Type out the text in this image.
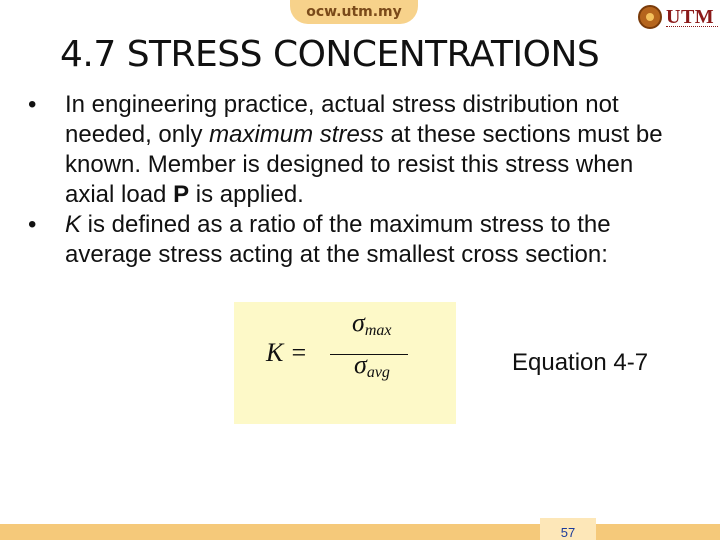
ocw.utm.my	UTM
4.7 STRESS CONCENTRATIONS
• In engineering practice, actual stress distribution not needed, only maximum stress at these sections must be known. Member is designed to resist this stress when axial load P is applied.
• K is defined as a ratio of the maximum stress to the average stress acting at the smallest cross section:
K =
$\sigma_{max}$
$\sigma_{avg}$	Equation 4-7
57
